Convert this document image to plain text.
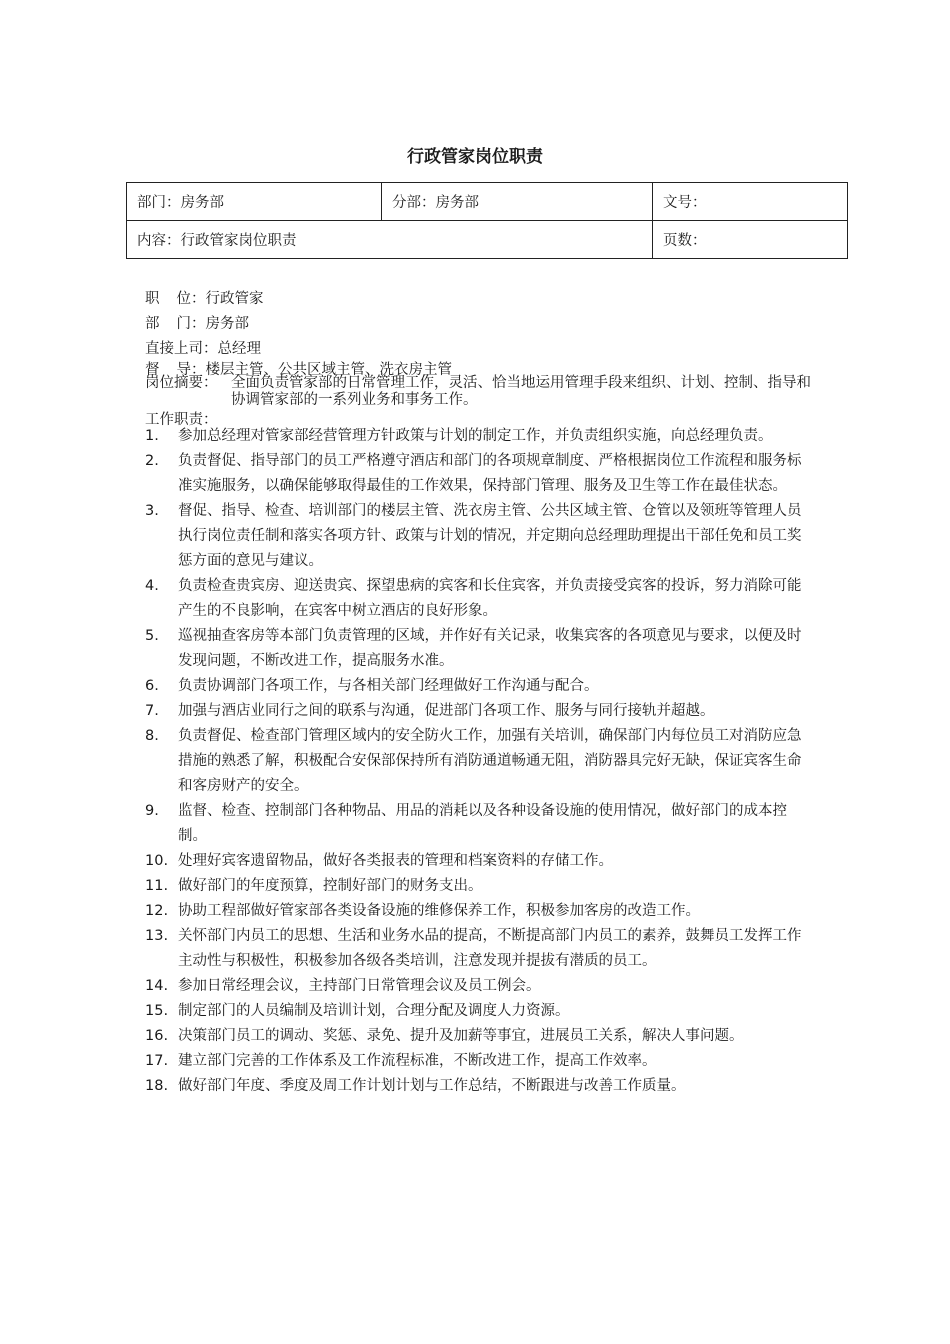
行政管家岗位职责
部门：房务部	分部：房务部	文号：
内容：行政管家岗位职责		页数：
职 位：行政管家
部 门：房务部
直接上司：总经理
督 导：楼层主管、公共区域主管、洗衣房主管
岗位摘要： 全面负责管家部的日常管理工作，灵活、恰当地运用管理手段来组织、计划、控制、指导和协调管家部的一系列业务和事务工作。
工作职责：
1. 参加总经理对管家部经营管理方针政策与计划的制定工作，并负责组织实施，向总经理负责。
2. 负责督促、指导部门的员工严格遵守酒店和部门的各项规章制度、严格根据岗位工作流程和服务标准实施服务，以确保能够取得最佳的工作效果，保持部门管理、服务及卫生等工作在最佳状态。
3. 督促、指导、检查、培训部门的楼层主管、洗衣房主管、公共区域主管、仓管以及领班等管理人员执行岗位责任制和落实各项方针、政策与计划的情况，并定期向总经理助理提出干部任免和员工奖惩方面的意见与建议。
4. 负责检查贵宾房、迎送贵宾、探望患病的宾客和长住宾客，并负责接受宾客的投诉，努力消除可能产生的不良影响，在宾客中树立酒店的良好形象。
5. 巡视抽查客房等本部门负责管理的区域，并作好有关记录，收集宾客的各项意见与要求，以便及时发现问题，不断改进工作，提高服务水准。
6. 负责协调部门各项工作，与各相关部门经理做好工作沟通与配合。
7. 加强与酒店业同行之间的联系与沟通，促进部门各项工作、服务与同行接轨并超越。
8. 负责督促、检查部门管理区域内的安全防火工作，加强有关培训，确保部门内每位员工对消防应急措施的熟悉了解，积极配合安保部保持所有消防通道畅通无阻，消防器具完好无缺，保证宾客生命和客房财产的安全。
9. 监督、检查、控制部门各种物品、用品的消耗以及各种设备设施的使用情况，做好部门的成本控制。
10. 处理好宾客遗留物品，做好各类报表的管理和档案资料的存储工作。
11. 做好部门的年度预算，控制好部门的财务支出。
12. 协助工程部做好管家部各类设备设施的维修保养工作，积极参加客房的改造工作。
13. 关怀部门内员工的思想、生活和业务水品的提高，不断提高部门内员工的素养，鼓舞员工发挥工作主动性与积极性，积极参加各级各类培训，注意发现并提拔有潜质的员工。
14. 参加日常经理会议，主持部门日常管理会议及员工例会。
15. 制定部门的人员编制及培训计划，合理分配及调度人力资源。
16. 决策部门员工的调动、奖惩、录免、提升及加薪等事宜，进展员工关系，解决人事问题。
17. 建立部门完善的工作体系及工作流程标准，不断改进工作，提高工作效率。
18. 做好部门年度、季度及周工作计划计划与工作总结，不断跟进与改善工作质量。
